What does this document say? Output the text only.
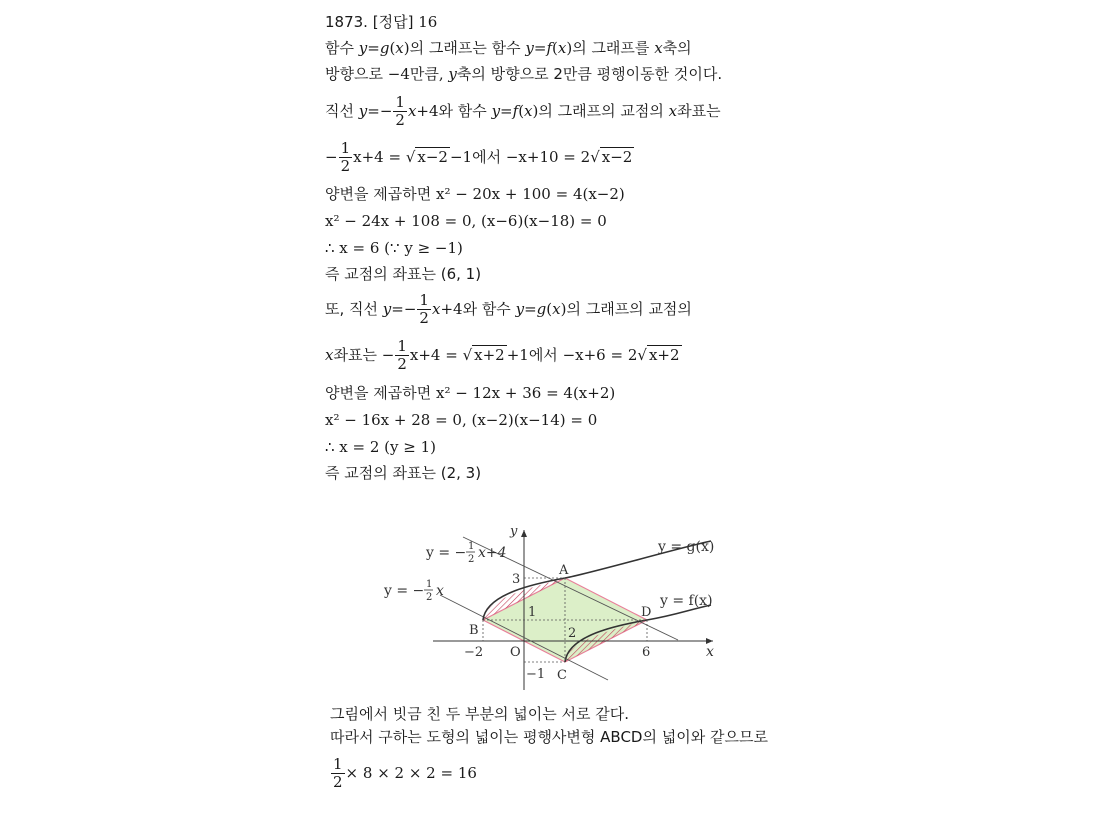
1873. [정답] 16
함수 y=g(x)의 그래프는 함수 y=f(x)의 그래프를 x축의
방향으로 −4만큼, y축의 방향으로 2만큼 평행이동한 것이다.
직선 $y=- \frac{1}{2} x+4$와 함수 y=f(x)의 그래프의 교점의 x좌표는
− $\frac{1}{2} x+4$ = √ x−2 −1에서 −x+10 = 2√ x−2
양변을 제곱하면 x² − 20x + 100 = 4(x−2)
x² − 24x + 108 = 0, (x−6)(x−18) = 0
∴ x = 6 (∵ y ≥ −1)
즉 교점의 좌표는 (6, 1)
또, 직선 $y=- \frac{1}{2} x+4$와 함수 y=g(x)의 그래프의 교점의
x좌표는 − $\frac{1}{2} x+4$ = √ x+2 +1에서 −x+6 = 2√ x+2
양변을 제곱하면 x² − 12x + 36 = 4(x+2)
x² − 16x + 28 = 0, (x−2)(x−14) = 0
∴ x = 2 (y ≥ 1)
즉 교점의 좌표는 (2, 3)
y
x
O
A
B
C
D
3
−1
−2	6
1
2
y = g(x)
y = f(x)
y = − 1
2 x+4
y = − 1
2 x
그림에서 빗금 친 두 부분의 넓이는 서로 같다.
따라서 구하는 도형의 넓이는 평행사변형 ABCD의 넓이와 같으므로
$\frac{1}{2} \times 8 \times 2 \times 2 = 16$
